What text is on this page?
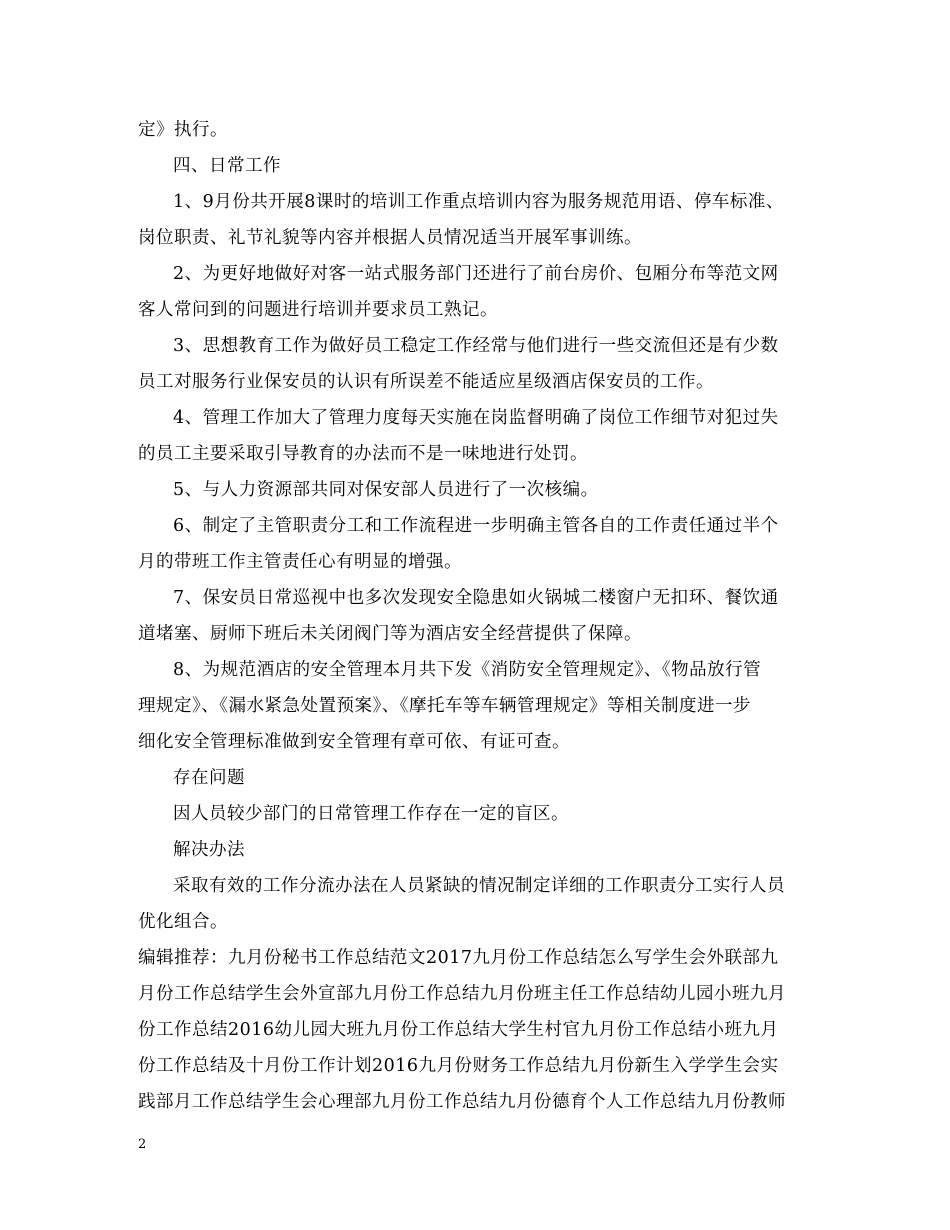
定》执行。
四、日常工作
1、9月份共开展8课时的培训工作重点培训内容为服务规范用语、停车标准、
岗位职责、礼节礼貌等内容并根据人员情况适当开展军事训练。
2、为更好地做好对客一站式服务部门还进行了前台房价、包厢分布等范文网
客人常问到的问题进行培训并要求员工熟记。
3、思想教育工作为做好员工稳定工作经常与他们进行一些交流但还是有少数
员工对服务行业保安员的认识有所误差不能适应星级酒店保安员的工作。
4、管理工作加大了管理力度每天实施在岗监督明确了岗位工作细节对犯过失
的员工主要采取引导教育的办法而不是一味地进行处罚。
5、与人力资源部共同对保安部人员进行了一次核编。
6、制定了主管职责分工和工作流程进一步明确主管各自的工作责任通过半个
月的带班工作主管责任心有明显的增强。
7、保安员日常巡视中也多次发现安全隐患如火锅城二楼窗户无扣环、餐饮通
道堵塞、厨师下班后未关闭阀门等为酒店安全经营提供了保障。
8、为规范酒店的安全管理本月共下发《消防安全管理规定》、《物品放行管
理规定》、《漏水紧急处置预案》、《摩托车等车辆管理规定》等相关制度进一步
细化安全管理标准做到安全管理有章可依、有证可查。
存在问题
因人员较少部门的日常管理工作存在一定的盲区。
解决办法
采取有效的工作分流办法在人员紧缺的情况制定详细的工作职责分工实行人员
优化组合。
编辑推荐：九月份秘书工作总结范文2017九月份工作总结怎么写学生会外联部九
月份工作总结学生会外宣部九月份工作总结九月份班主任工作总结幼儿园小班九月
份工作总结2016幼儿园大班九月份工作总结大学生村官九月份工作总结小班九月
份工作总结及十月份工作计划2016九月份财务工作总结九月份新生入学学生会实
践部月工作总结学生会心理部九月份工作总结九月份德育个人工作总结九月份教师
2
